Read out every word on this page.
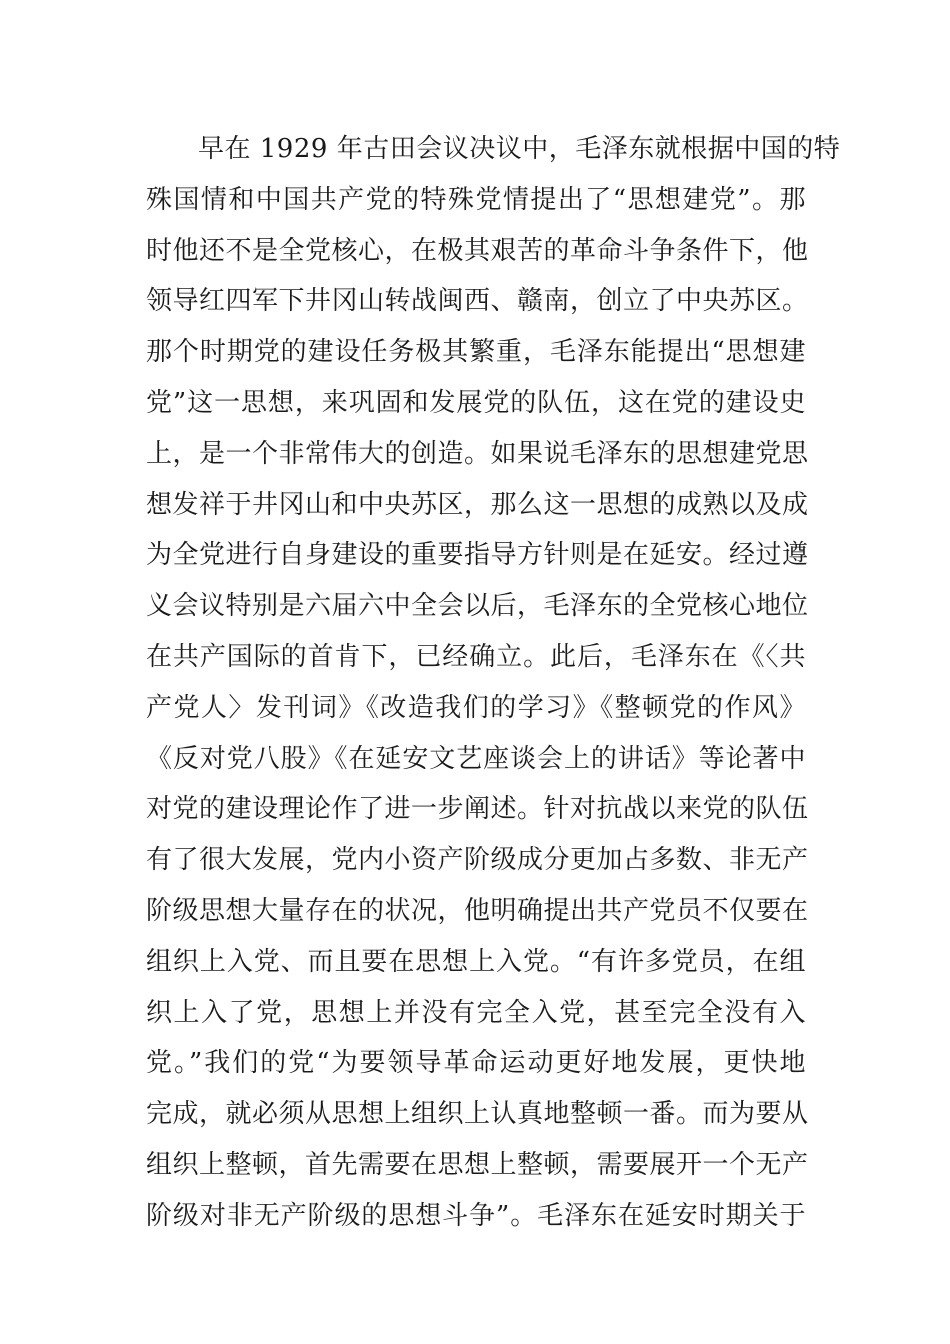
早在 1929 年古田会议决议中，毛泽东就根据中国的特
殊国情和中国共产党的特殊党情提出了“思想建党”。那
时他还不是全党核心，在极其艰苦的革命斗争条件下，他
领导红四军下井冈山转战闽西、赣南，创立了中央苏区。
那个时期党的建设任务极其繁重，毛泽东能提出“思想建
党”这一思想，来巩固和发展党的队伍，这在党的建设史
上，是一个非常伟大的创造。如果说毛泽东的思想建党思
想发祥于井冈山和中央苏区，那么这一思想的成熟以及成
为全党进行自身建设的重要指导方针则是在延安。经过遵
义会议特别是六届六中全会以后，毛泽东的全党核心地位
在共产国际的首肯下，已经确立。此后，毛泽东在《〈共
产党人〉发刊词》《改造我们的学习》《整顿党的作风》
《反对党八股》《在延安文艺座谈会上的讲话》等论著中
对党的建设理论作了进一步阐述。针对抗战以来党的队伍
有了很大发展，党内小资产阶级成分更加占多数、非无产
阶级思想大量存在的状况，他明确提出共产党员不仅要在
组织上入党、而且要在思想上入党。“有许多党员，在组
织上入了党，思想上并没有完全入党，甚至完全没有入
党。”我们的党“为要领导革命运动更好地发展，更快地
完成，就必须从思想上组织上认真地整顿一番。而为要从
组织上整顿，首先需要在思想上整顿，需要展开一个无产
阶级对非无产阶级的思想斗争”。毛泽东在延安时期关于
